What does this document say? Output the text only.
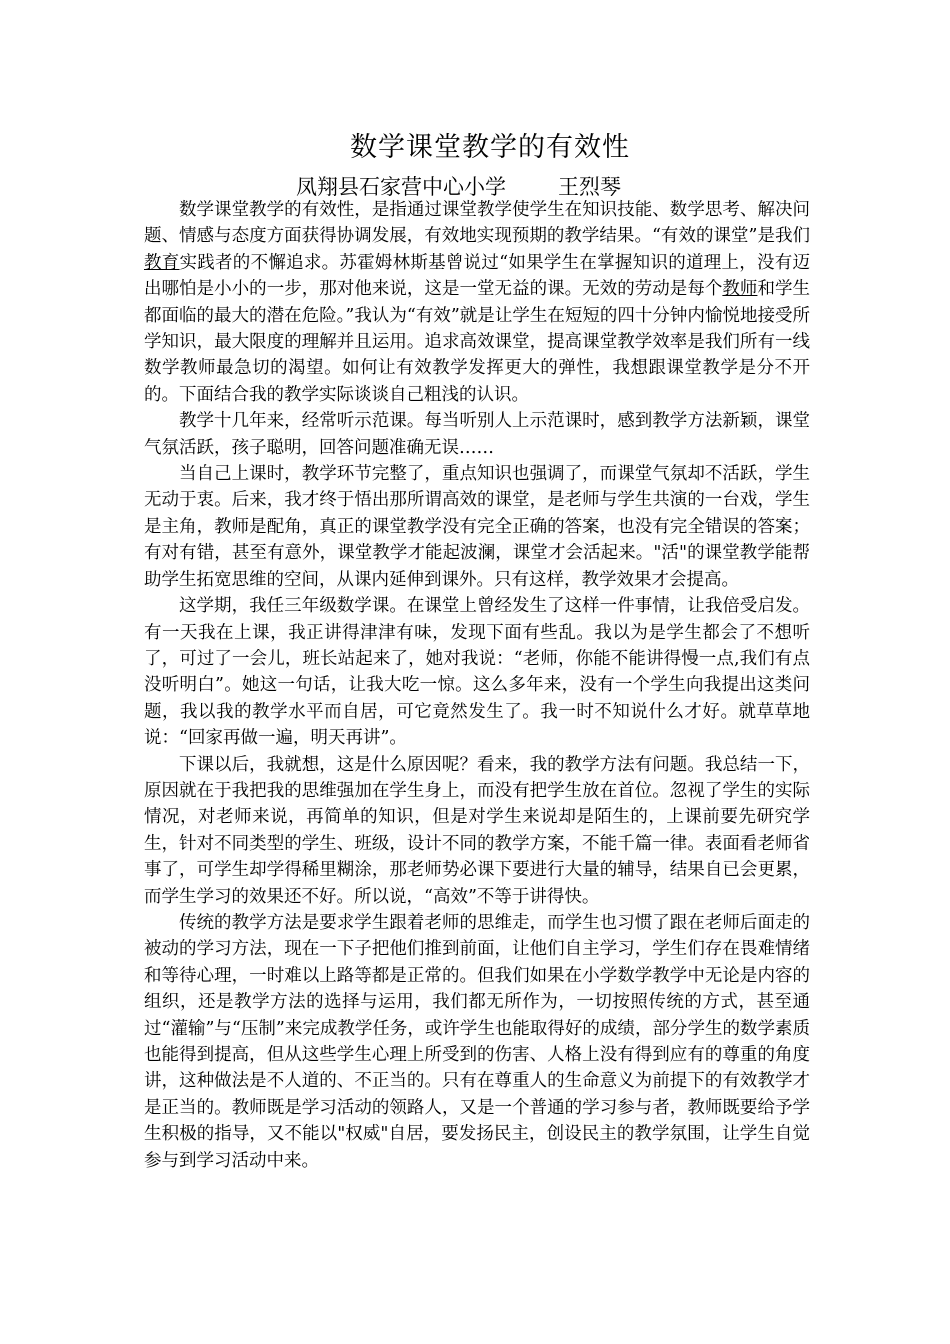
数学课堂教学的有效性
凤翔县石家营中心小学 王烈琴

数学课堂教学的有效性，是指通过课堂教学使学生在知识技能、数学思考、解决问题、情感与态度方面获得协调发展，有效地实现预期的教学结果。“有效的课堂”是我们教育实践者的不懈追求。苏霍姆林斯基曾说过“如果学生在掌握知识的道理上，没有迈出哪怕是小小的一步，那对他来说，这是一堂无益的课。无效的劳动是每个教师和学生都面临的最大的潜在危险。”我认为“有效”就是让学生在短短的四十分钟内愉悦地接受所学知识，最大限度的理解并且运用。追求高效课堂，提高课堂教学效率是我们所有一线数学教师最急切的渴望。如何让有效教学发挥更大的弹性，我想跟课堂教学是分不开的。下面结合我的教学实际谈谈自己粗浅的认识。

教学十几年来，经常听示范课。每当听别人上示范课时，感到教学方法新颖，课堂气氛活跃，孩子聪明，回答问题准确无误……

当自己上课时，教学环节完整了，重点知识也强调了，而课堂气氛却不活跃，学生无动于衷。后来，我才终于悟出那所谓高效的课堂，是老师与学生共演的一台戏，学生是主角，教师是配角，真正的课堂教学没有完全正确的答案，也没有完全错误的答案；有对有错，甚至有意外，课堂教学才能起波澜，课堂才会活起来。"活"的课堂教学能帮助学生拓宽思维的空间，从课内延伸到课外。只有这样，教学效果才会提高。

这学期，我任三年级数学课。在课堂上曾经发生了这样一件事情，让我倍受启发。有一天我在上课，我正讲得津津有味，发现下面有些乱。我以为是学生都会了不想听了，可过了一会儿，班长站起来了，她对我说：“老师，你能不能讲得慢一点,我们有点没听明白”。她这一句话，让我大吃一惊。这么多年来，没有一个学生向我提出这类问题，我以我的教学水平而自居，可它竟然发生了。我一时不知说什么才好。就草草地说：“回家再做一遍，明天再讲”。

下课以后，我就想，这是什么原因呢？看来，我的教学方法有问题。我总结一下，原因就在于我把我的思维强加在学生身上，而没有把学生放在首位。忽视了学生的实际情况，对老师来说，再简单的知识，但是对学生来说却是陌生的，上课前要先研究学生，针对不同类型的学生、班级，设计不同的教学方案，不能千篇一律。表面看老师省事了，可学生却学得稀里糊涂，那老师势必课下要进行大量的辅导，结果自已会更累，而学生学习的效果还不好。所以说，“高效”不等于讲得快。

传统的教学方法是要求学生跟着老师的思维走，而学生也习惯了跟在老师后面走的被动的学习方法，现在一下子把他们推到前面，让他们自主学习，学生们存在畏难情绪和等待心理，一时难以上路等都是正常的。但我们如果在小学数学教学中无论是内容的组织，还是教学方法的选择与运用，我们都无所作为，一切按照传统的方式，甚至通过“灌输”与“压制”来完成教学任务，或许学生也能取得好的成绩，部分学生的数学素质也能得到提高，但从这些学生心理上所受到的伤害、人格上没有得到应有的尊重的角度讲，这种做法是不人道的、不正当的。只有在尊重人的生命意义为前提下的有效教学才是正当的。教师既是学习活动的领路人，又是一个普通的学习参与者，教师既要给予学生积极的指导，又不能以"权威"自居，要发扬民主，创设民主的教学氛围，让学生自觉参与到学习活动中来。
